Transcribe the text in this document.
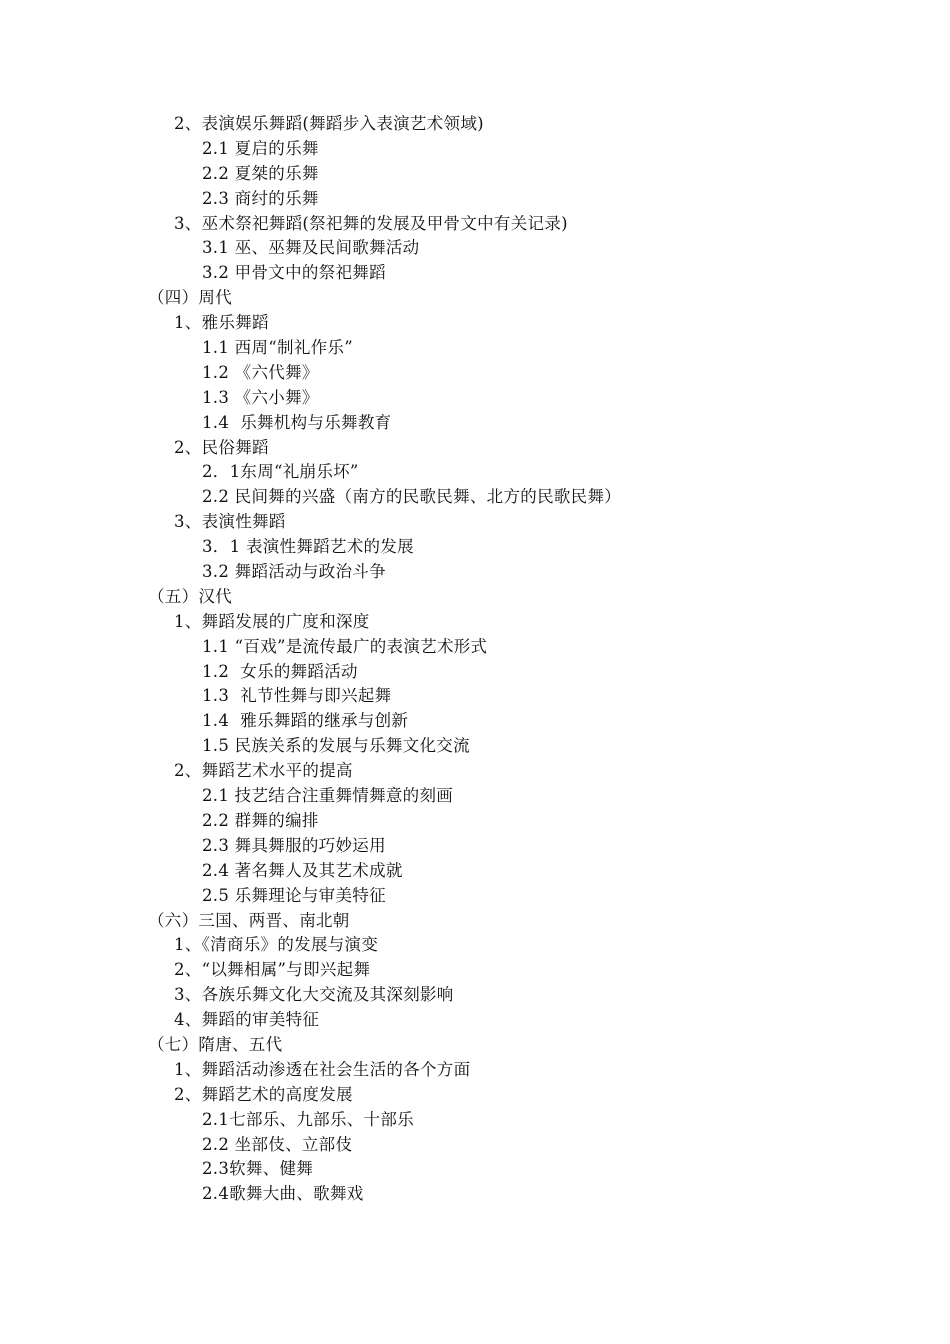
2、表演娱乐舞蹈(舞蹈步入表演艺术领域)
2.1 夏启的乐舞
2.2 夏桀的乐舞
2.3 商纣的乐舞
3、巫术祭祀舞蹈(祭祀舞的发展及甲骨文中有关记录)
3.1 巫、巫舞及民间歌舞活动
3.2 甲骨文中的祭祀舞蹈
（四）周代
1、雅乐舞蹈
1.1 西周“制礼作乐”
1.2 《六代舞》
1.3 《六小舞》
1.4  乐舞机构与乐舞教育
2、民俗舞蹈
2．1东周“礼崩乐坏”
2.2 民间舞的兴盛（南方的民歌民舞、北方的民歌民舞）
3、表演性舞蹈
3．1 表演性舞蹈艺术的发展
3.2 舞蹈活动与政治斗争
（五）汉代
1、舞蹈发展的广度和深度
1.1 “百戏”是流传最广的表演艺术形式
1.2  女乐的舞蹈活动
1.3  礼节性舞与即兴起舞
1.4  雅乐舞蹈的继承与创新
1.5 民族关系的发展与乐舞文化交流
2、舞蹈艺术水平的提高
2.1 技艺结合注重舞情舞意的刻画
2.2 群舞的编排
2.3 舞具舞服的巧妙运用
2.4 著名舞人及其艺术成就
2.5 乐舞理论与审美特征
（六）三国、两晋、南北朝
1、《清商乐》的发展与演变
2、“以舞相属”与即兴起舞
3、各族乐舞文化大交流及其深刻影响
4、舞蹈的审美特征
（七）隋唐、五代
1、舞蹈活动渗透在社会生活的各个方面
2、舞蹈艺术的高度发展
2.1七部乐、九部乐、十部乐
2.2 坐部伎、立部伎
2.3软舞、健舞
2.4歌舞大曲、歌舞戏
